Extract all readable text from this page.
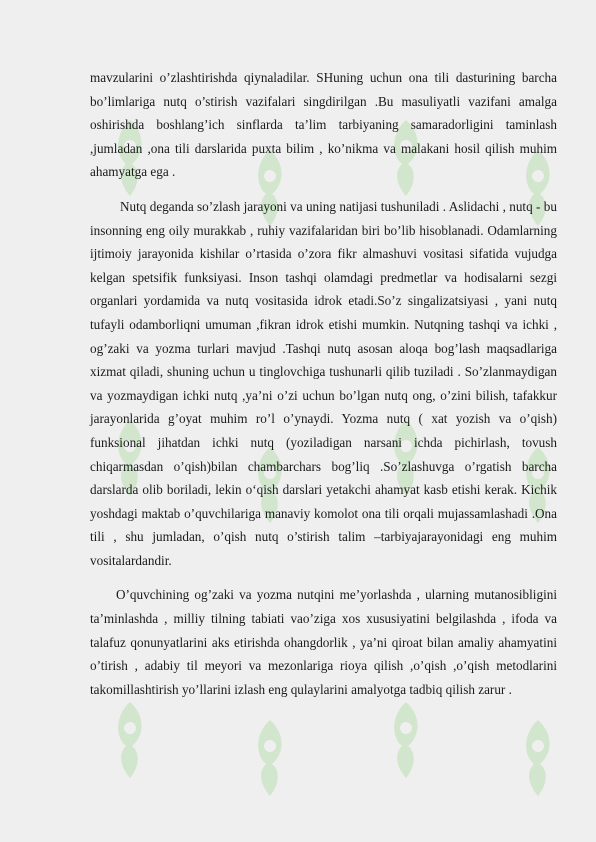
mavzularini o’zlashtirishda qiynaladilar. SHuning uchun ona tili dasturining barcha bo’limlariga nutq o’stirish vazifalari singdirilgan .Bu masuliyatli vazifani amalga oshirishda boshlang’ich sinflarda ta’lim tarbiyaning samaradorligini taminlash ,jumladan ,ona tili darslarida puxta bilim , ko’nikma va malakani hosil qilish muhim ahamyatga ega .

Nutq deganda so’zlash jarayoni va uning natijasi tushuniladi . Aslidachi , nutq - bu insonning eng oily murakkab , ruhiy vazifalaridan biri bo’lib hisoblanadi. Odamlarning ijtimoiy jarayonida kishilar o’rtasida o’zora fikr almashuvi vositasi sifatida vujudga kelgan spetsifik funksiyasi. Inson tashqi olamdagi predmetlar va hodisalarni sezgi organlari yordamida va nutq vositasida idrok etadi.So’z singalizatsiyasi , yani nutq tufayli odamborliqni umuman ,fikran idrok etishi mumkin. Nutqning tashqi va ichki , og’zaki va yozma turlari mavjud .Tashqi nutq asosan aloqa bog’lash maqsadlariga xizmat qiladi, shuning uchun u tinglovchiga tushunarli qilib tuziladi . So’zlanmaydigan va yozmaydigan ichki nutq ,ya’ni o’zi uchun bo’lgan nutq ong, o’zini bilish, tafakkur jarayonlarida g’oyat muhim ro’l o’ynaydi. Yozma nutq ( xat yozish va o’qish) funksional jihatdan ichki nutq (yoziladigan narsani ichda pichirlash, tovush chiqarmasdan o’qish)bilan chambarchars bog’liq .So’zlashuvga o’rgatish barcha darslarda olib boriladi, lekin o‘qish darslari yetakchi ahamyat kasb etishi kerak. Kichik yoshdagi maktab o’quvchilariga manaviy komolot ona tili orqali mujassamlashadi .Ona tili , shu jumladan, o’qish nutq o’stirish talim –tarbiyajarayonidagi eng muhim vositalardandir.

O’quvchining og’zaki va yozma nutqini me’yorlashda , ularning mutanosibligini ta’minlashda , milliy tilning tabiati vao’ziga xos xususiyatini belgilashda , ifoda va talafuz qonunyatlarini aks etirishda ohangdorlik , ya’ni qiroat bilan amaliy ahamyatini o’tirish , adabiy til meyori va mezonlariga rioya qilish ,o’qish ,o’qish metodlarini takomillashtirish yo’llarini izlash eng qulaylarini amalyotga tadbiq qilish zarur .
